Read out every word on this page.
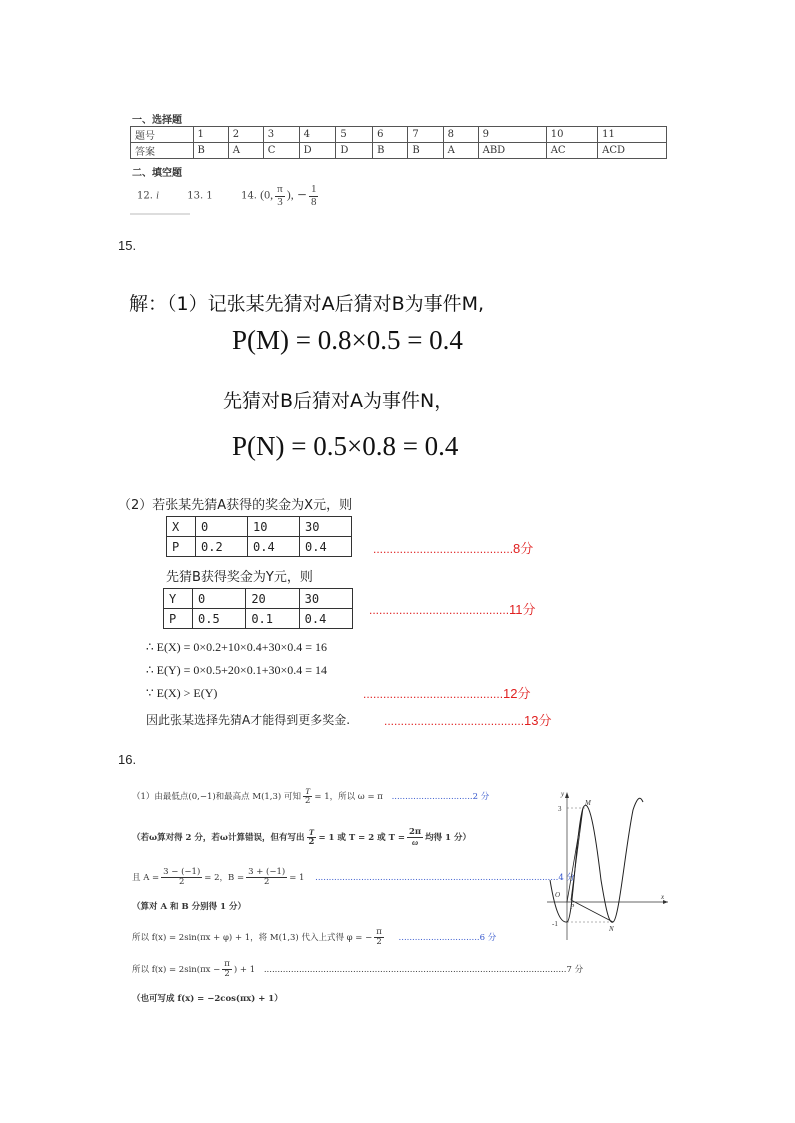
一、选择题
题号	1	2	3	4	5	6	7	8	9	10	11
答案	B	A	C	D	D	B	B	A	ABD	AC	ACD
二、填空题
12. i	13. 1	14. (0, $\frac{\pi}{3}$ ), − $\frac{1}{8}$
15.
解：（1）记张某先猜对A后猜对B为事件M,
P(M) = 0.8×0.5 = 0.4
先猜对B后猜对A为事件N，
P(N) = 0.5×0.8 = 0.4
（2）若张某先猜A获得的奖金为X元，则
X	0	10	30
P	0.2	0.4	0.4	..........................................8分
先猜B获得奖金为Y元，则
Y	0	20	30
P	0.5	0.1	0.4
..........................................11分
∴ E(X) = 0×0.2+10×0.4+30×0.4 = 16
∴ E(Y) = 0×0.5+20×0.1+30×0.4 = 14
∵ E(X) > E(Y)	..........................................12分
因此张某选择先猜A才能得到更多奖金.	..........................................13分
16.
（1）由最低点(0,−1)和最高点 M(1,3) 可知 $\frac{T}{2} = 1$，所以 ω = π ..............................2 分
（若ω算对得 2 分，若ω计算错误，但有写出 $\frac{T}{2} = 1$ 或 T = 2 或 $T = \frac{2\pi}{\omega}$ 均得 1 分）
且 $A = \frac{3 - (-1)}{2} = 2$，$B = \frac{3 + (-1)}{2} = 1$ ..........................................................................................4 分
（算对 A 和 B 分别得 1 分）
所以 f(x) = 2sin(πx + φ) + 1，将 M(1,3) 代入上式得 φ = − $\frac{\pi}{2} ..............................6$ 分
所以 $f(x) = 2\sin(\pi x - \frac{\pi}{2}$ ) + 1 ................................................................................................................7 分
（也可写成 f(x) = −2cos(πx) + 1）
y
x
O
3
-1
M
N
P
